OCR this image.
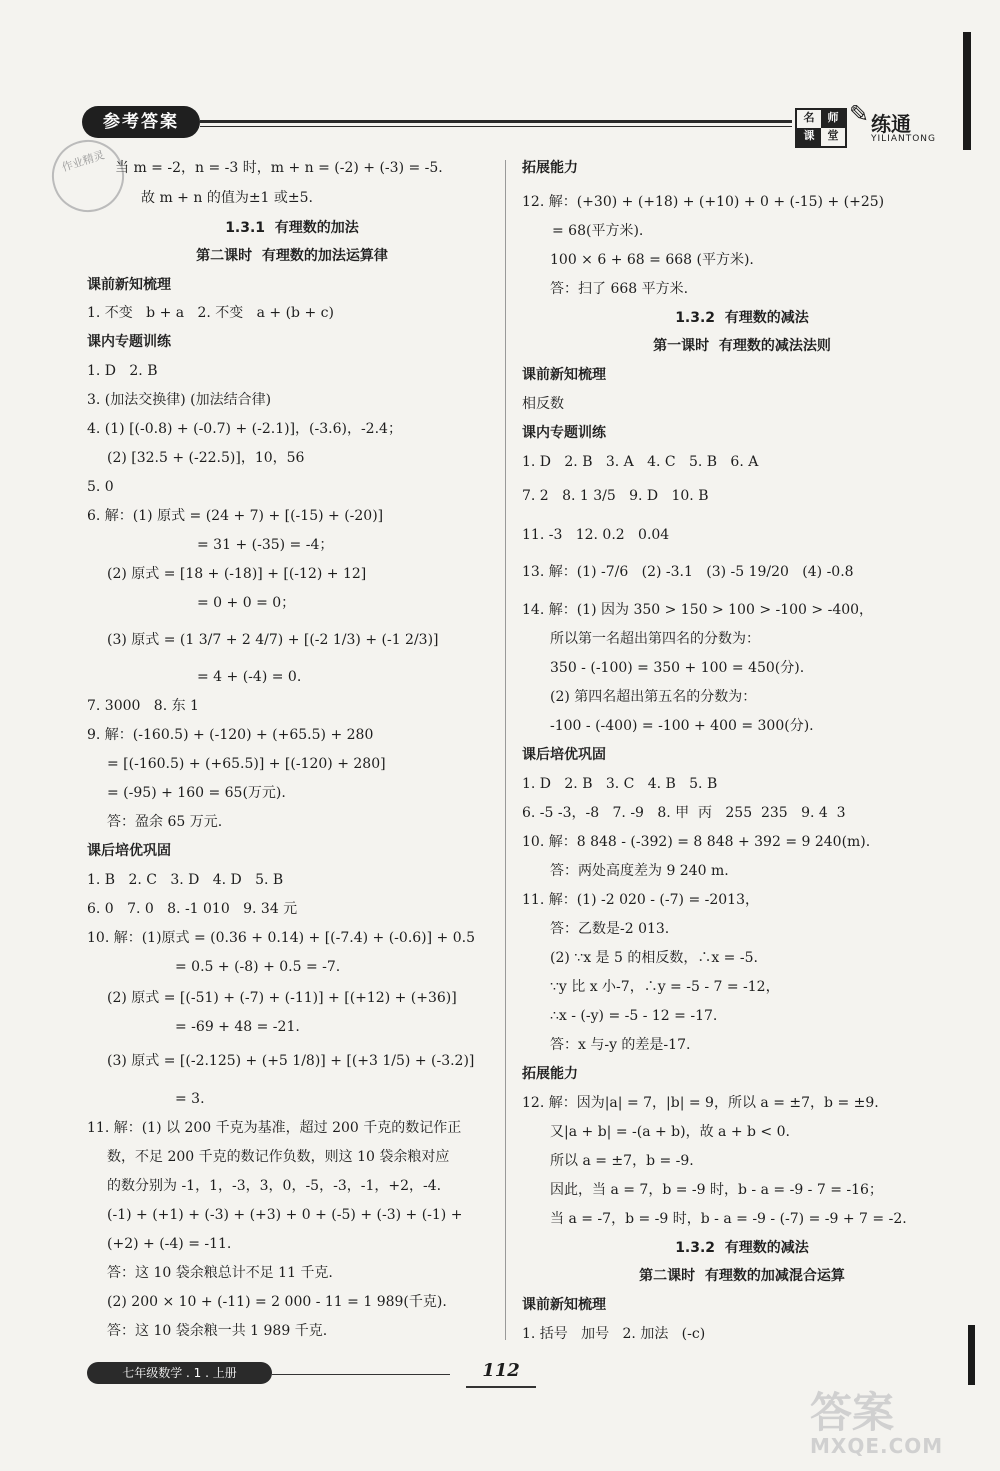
参考答案	名	师
课	堂
✎ 练通
YILIANTONG
作业精灵 当 m = -2，n = -3 时，m + n = (-2) + (-3) = -5.
故 m + n 的值为±1 或±5.
1.3.1  有理数的加法
第二课时  有理数的加法运算律
课前新知梳理
1. 不变   b + a   2. 不变   a + (b + c)
课内专题训练
1. D   2. B
3. (加法交换律) (加法结合律)
4. (1) [(-0.8) + (-0.7) + (-2.1)]，(-3.6)，-2.4；
(2) [32.5 + (-22.5)]，10，56
5. 0
6. 解：(1) 原式 = (24 + 7) + [(-15) + (-20)]
= 31 + (-35) = -4；
(2) 原式 = [18 + (-18)] + [(-12) + 12]
= 0 + 0 = 0；
(3) 原式 = (1 3/7 + 2 4/7) + [(-2 1/3) + (-1 2/3)]
= 4 + (-4) = 0.
7. 3000   8. 东 1
9. 解：(-160.5) + (-120) + (+65.5) + 280
= [(-160.5) + (+65.5)] + [(-120) + 280]
= (-95) + 160 = 65(万元).
答：盈余 65 万元.
课后培优巩固
1. B   2. C   3. D   4. D   5. B
6. 0   7. 0   8. -1 010   9. 34 元
10. 解：(1)原式 = (0.36 + 0.14) + [(-7.4) + (-0.6)] + 0.5
= 0.5 + (-8) + 0.5 = -7.
(2) 原式 = [(-51) + (-7) + (-11)] + [(+12) + (+36)]
= -69 + 48 = -21.
(3) 原式 = [(-2.125) + (+5 1/8)] + [(+3 1/5) + (-3.2)]
= 3.
11. 解：(1) 以 200 千克为基准，超过 200 千克的数记作正
数，不足 200 千克的数记作负数，则这 10 袋余粮对应
的数分别为 -1，1，-3，3，0，-5，-3，-1，+2，-4.
(-1) + (+1) + (-3) + (+3) + 0 + (-5) + (-3) + (-1) +
(+2) + (-4) = -11.
答：这 10 袋余粮总计不足 11 千克.
(2) 200 × 10 + (-11) = 2 000 - 11 = 1 989(千克).
答：这 10 袋余粮一共 1 989 千克.
拓展能力
12. 解：(+30) + (+18) + (+10) + 0 + (-15) + (+25)
= 68(平方米).
100 × 6 + 68 = 668 (平方米).
答：扫了 668 平方米.
1.3.2  有理数的减法
第一课时  有理数的减法法则
课前新知梳理
相反数
课内专题训练
1. D   2. B   3. A   4. C   5. B   6. A
7. 2   8. 1 3/5   9. D   10. B
11. -3   12. 0.2   0.04
13. 解：(1) -7/6   (2) -3.1   (3) -5 19/20   (4) -0.8
14. 解：(1) 因为 350 > 150 > 100 > -100 > -400，
所以第一名超出第四名的分数为：
350 - (-100) = 350 + 100 = 450(分).
(2) 第四名超出第五名的分数为：
-100 - (-400) = -100 + 400 = 300(分).
课后培优巩固
1. D   2. B   3. C   4. B   5. B
6. -5 -3，-8   7. -9   8. 甲  丙   255  235   9. 4  3
10. 解：8 848 - (-392) = 8 848 + 392 = 9 240(m).
答：两处高度差为 9 240 m.
11. 解：(1) -2 020 - (-7) = -2013，
答：乙数是-2 013.
(2) ∵x 是 5 的相反数，∴x = -5.
∵y 比 x 小-7，∴y = -5 - 7 = -12，
∴x - (-y) = -5 - 12 = -17.
答：x 与-y 的差是-17.
拓展能力
12. 解：因为|a| = 7，|b| = 9，所以 a = ±7，b = ±9.
又|a + b| = -(a + b)，故 a + b < 0.
所以 a = ±7，b = -9.
因此，当 a = 7，b = -9 时，b - a = -9 - 7 = -16；
当 a = -7，b = -9 时，b - a = -9 - (-7) = -9 + 7 = -2.
1.3.2  有理数的减法
第二课时  有理数的加减混合运算
课前新知梳理
1. 括号   加号   2. 加法   (-c)
七年级数学 . 1 . 上册	112
答案
MXQE.COM
